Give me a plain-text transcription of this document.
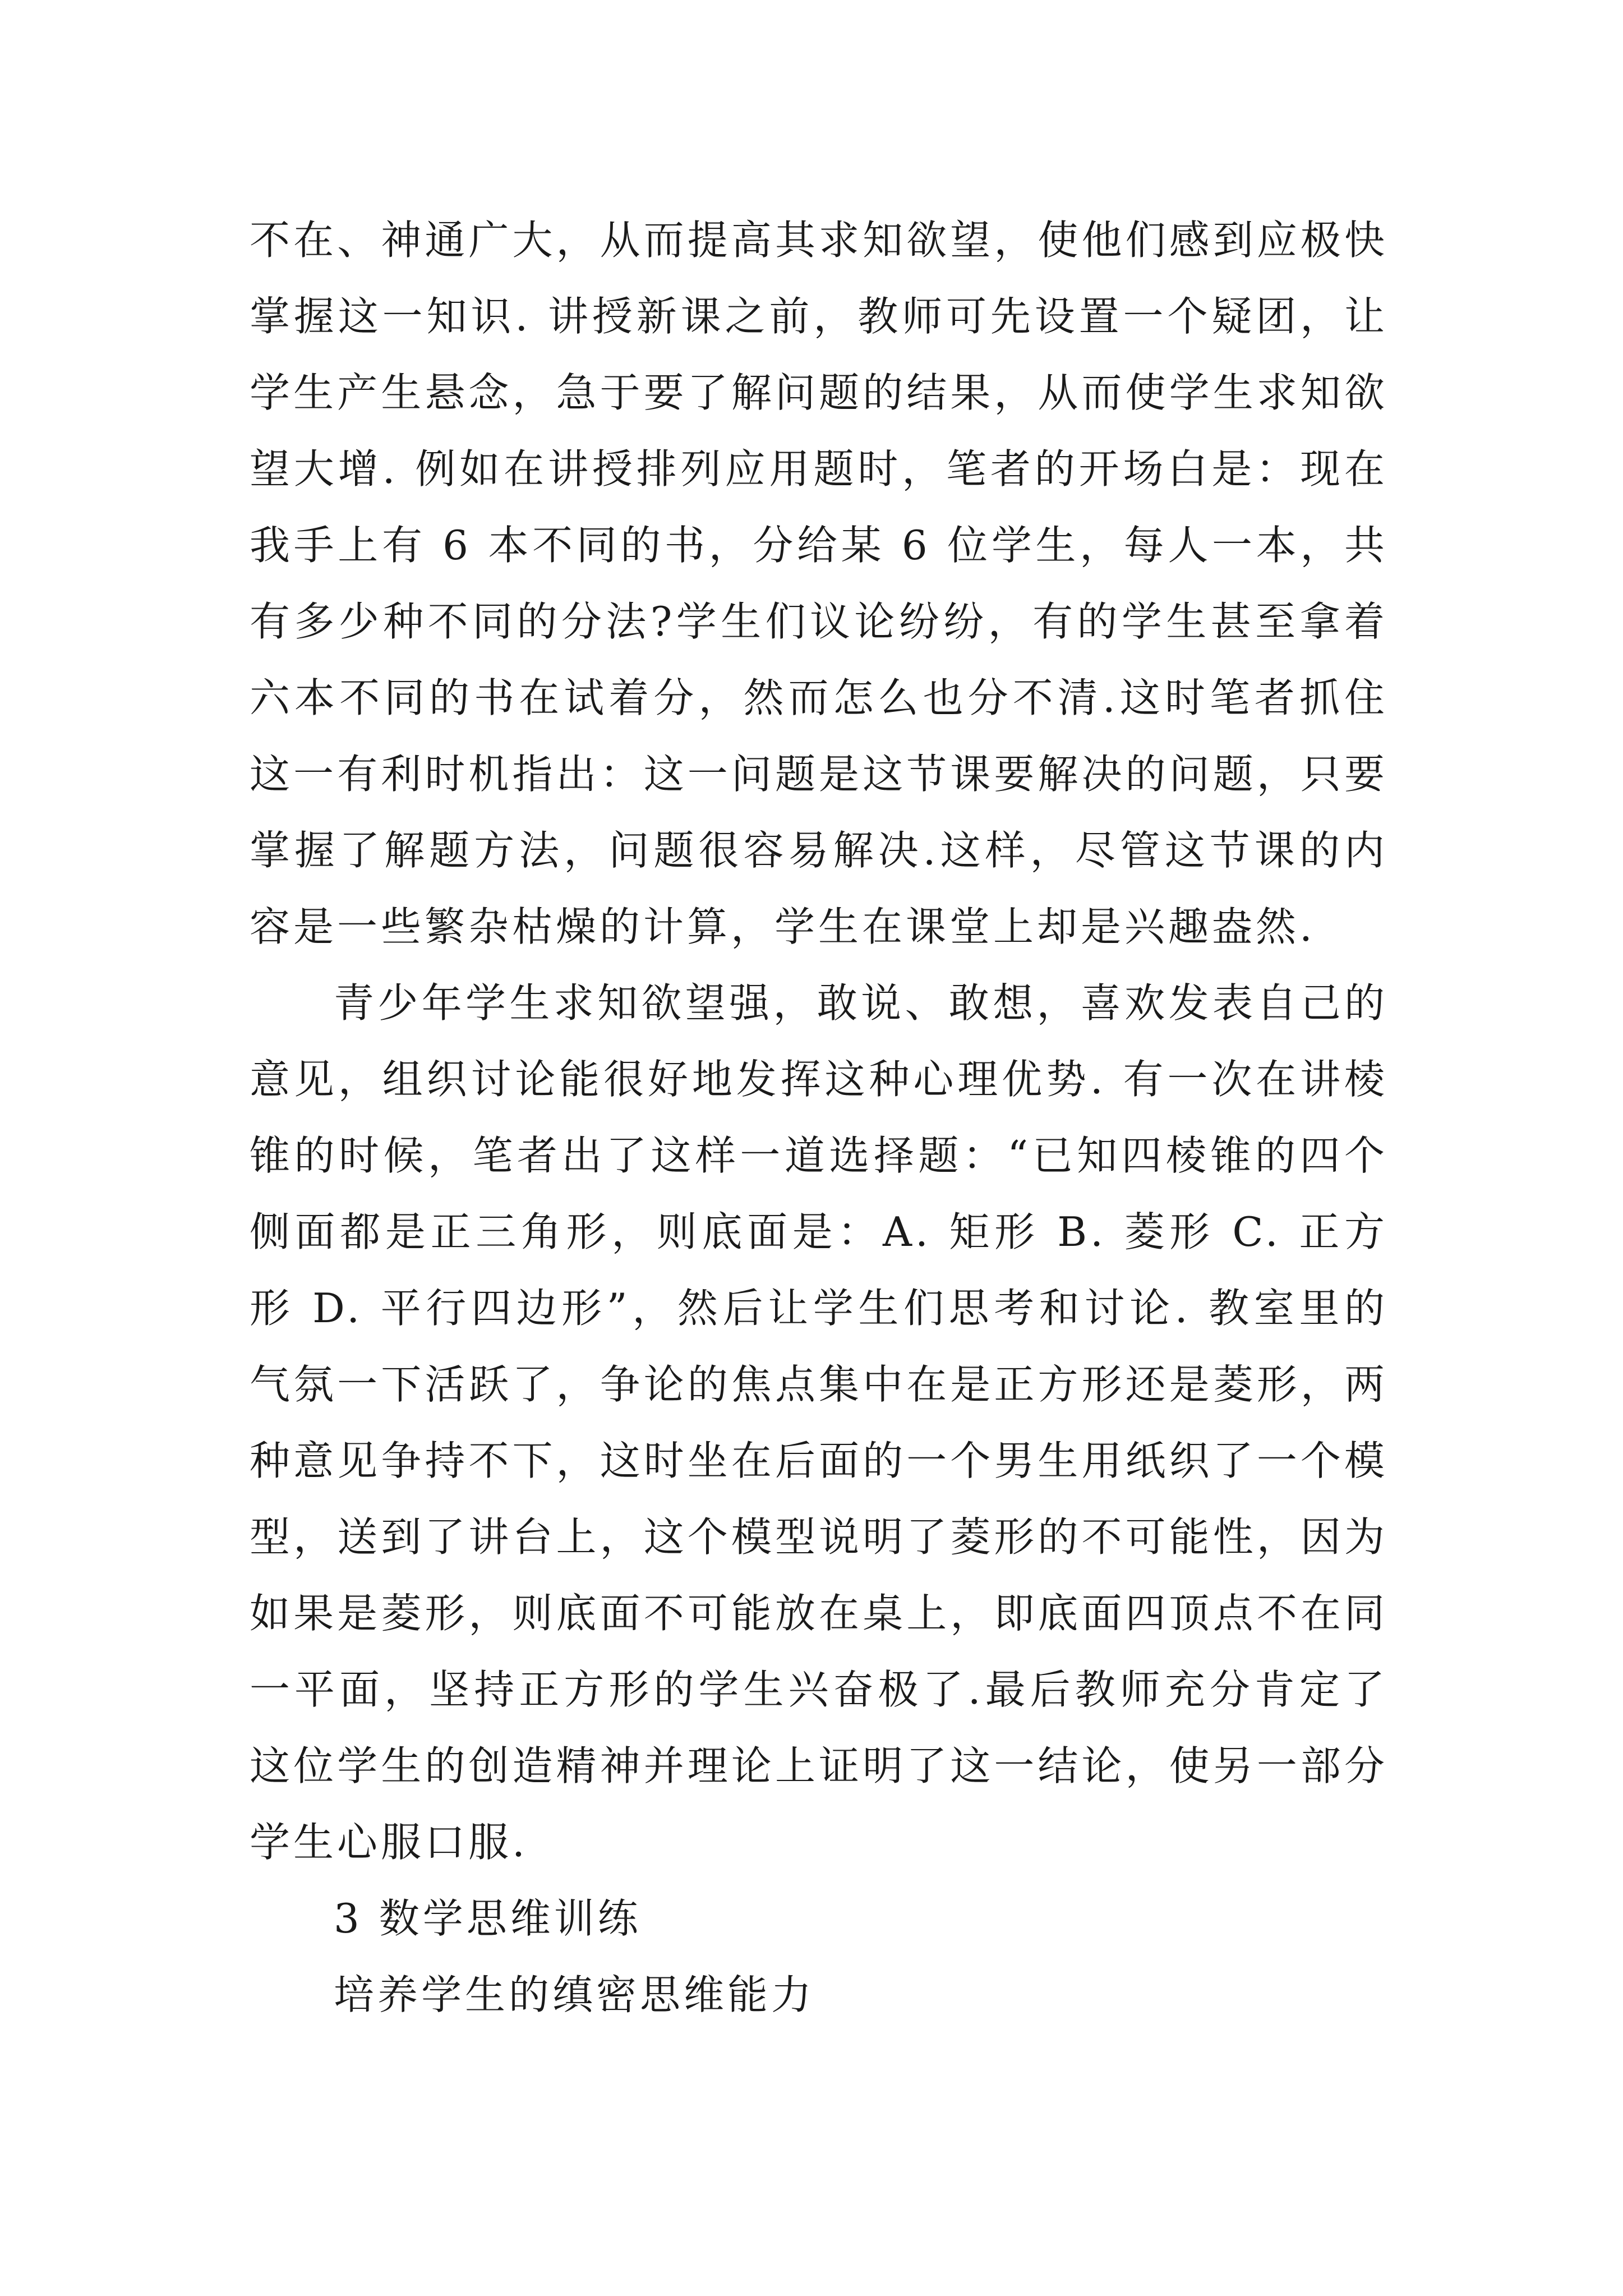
不在、神通广大，从而提高其求知欲望，使他们感到应极快掌握这一知识. 讲授新课之前，教师可先设置一个疑团，让学生产生悬念，急于要了解问题的结果，从而使学生求知欲望大增. 例如在讲授排列应用题时，笔者的开场白是：现在我手上有 6 本不同的书，分给某 6 位学生，每人一本，共有多少种不同的分法?学生们议论纷纷，有的学生甚至拿着六本不同的书在试着分，然而怎么也分不清.这时笔者抓住这一有利时机指出：这一问题是这节课要解决的问题，只要掌握了解题方法，问题很容易解决.这样，尽管这节课的内容是一些繁杂枯燥的计算，学生在课堂上却是兴趣盎然.

青少年学生求知欲望强，敢说、敢想，喜欢发表自己的意见，组织讨论能很好地发挥这种心理优势. 有一次在讲棱锥的时候，笔者出了这样一道选择题：“已知四棱锥的四个侧面都是正三角形，则底面是：A. 矩形 B. 菱形 C. 正方形 D. 平行四边形”，然后让学生们思考和讨论. 教室里的气氛一下活跃了，争论的焦点集中在是正方形还是菱形，两种意见争持不下，这时坐在后面的一个男生用纸织了一个模型，送到了讲台上，这个模型说明了菱形的不可能性，因为如果是菱形，则底面不可能放在桌上，即底面四顶点不在同一平面，坚持正方形的学生兴奋极了.最后教师充分肯定了这位学生的创造精神并理论上证明了这一结论，使另一部分学生心服口服.

3 数学思维训练

培养学生的缜密思维能力
